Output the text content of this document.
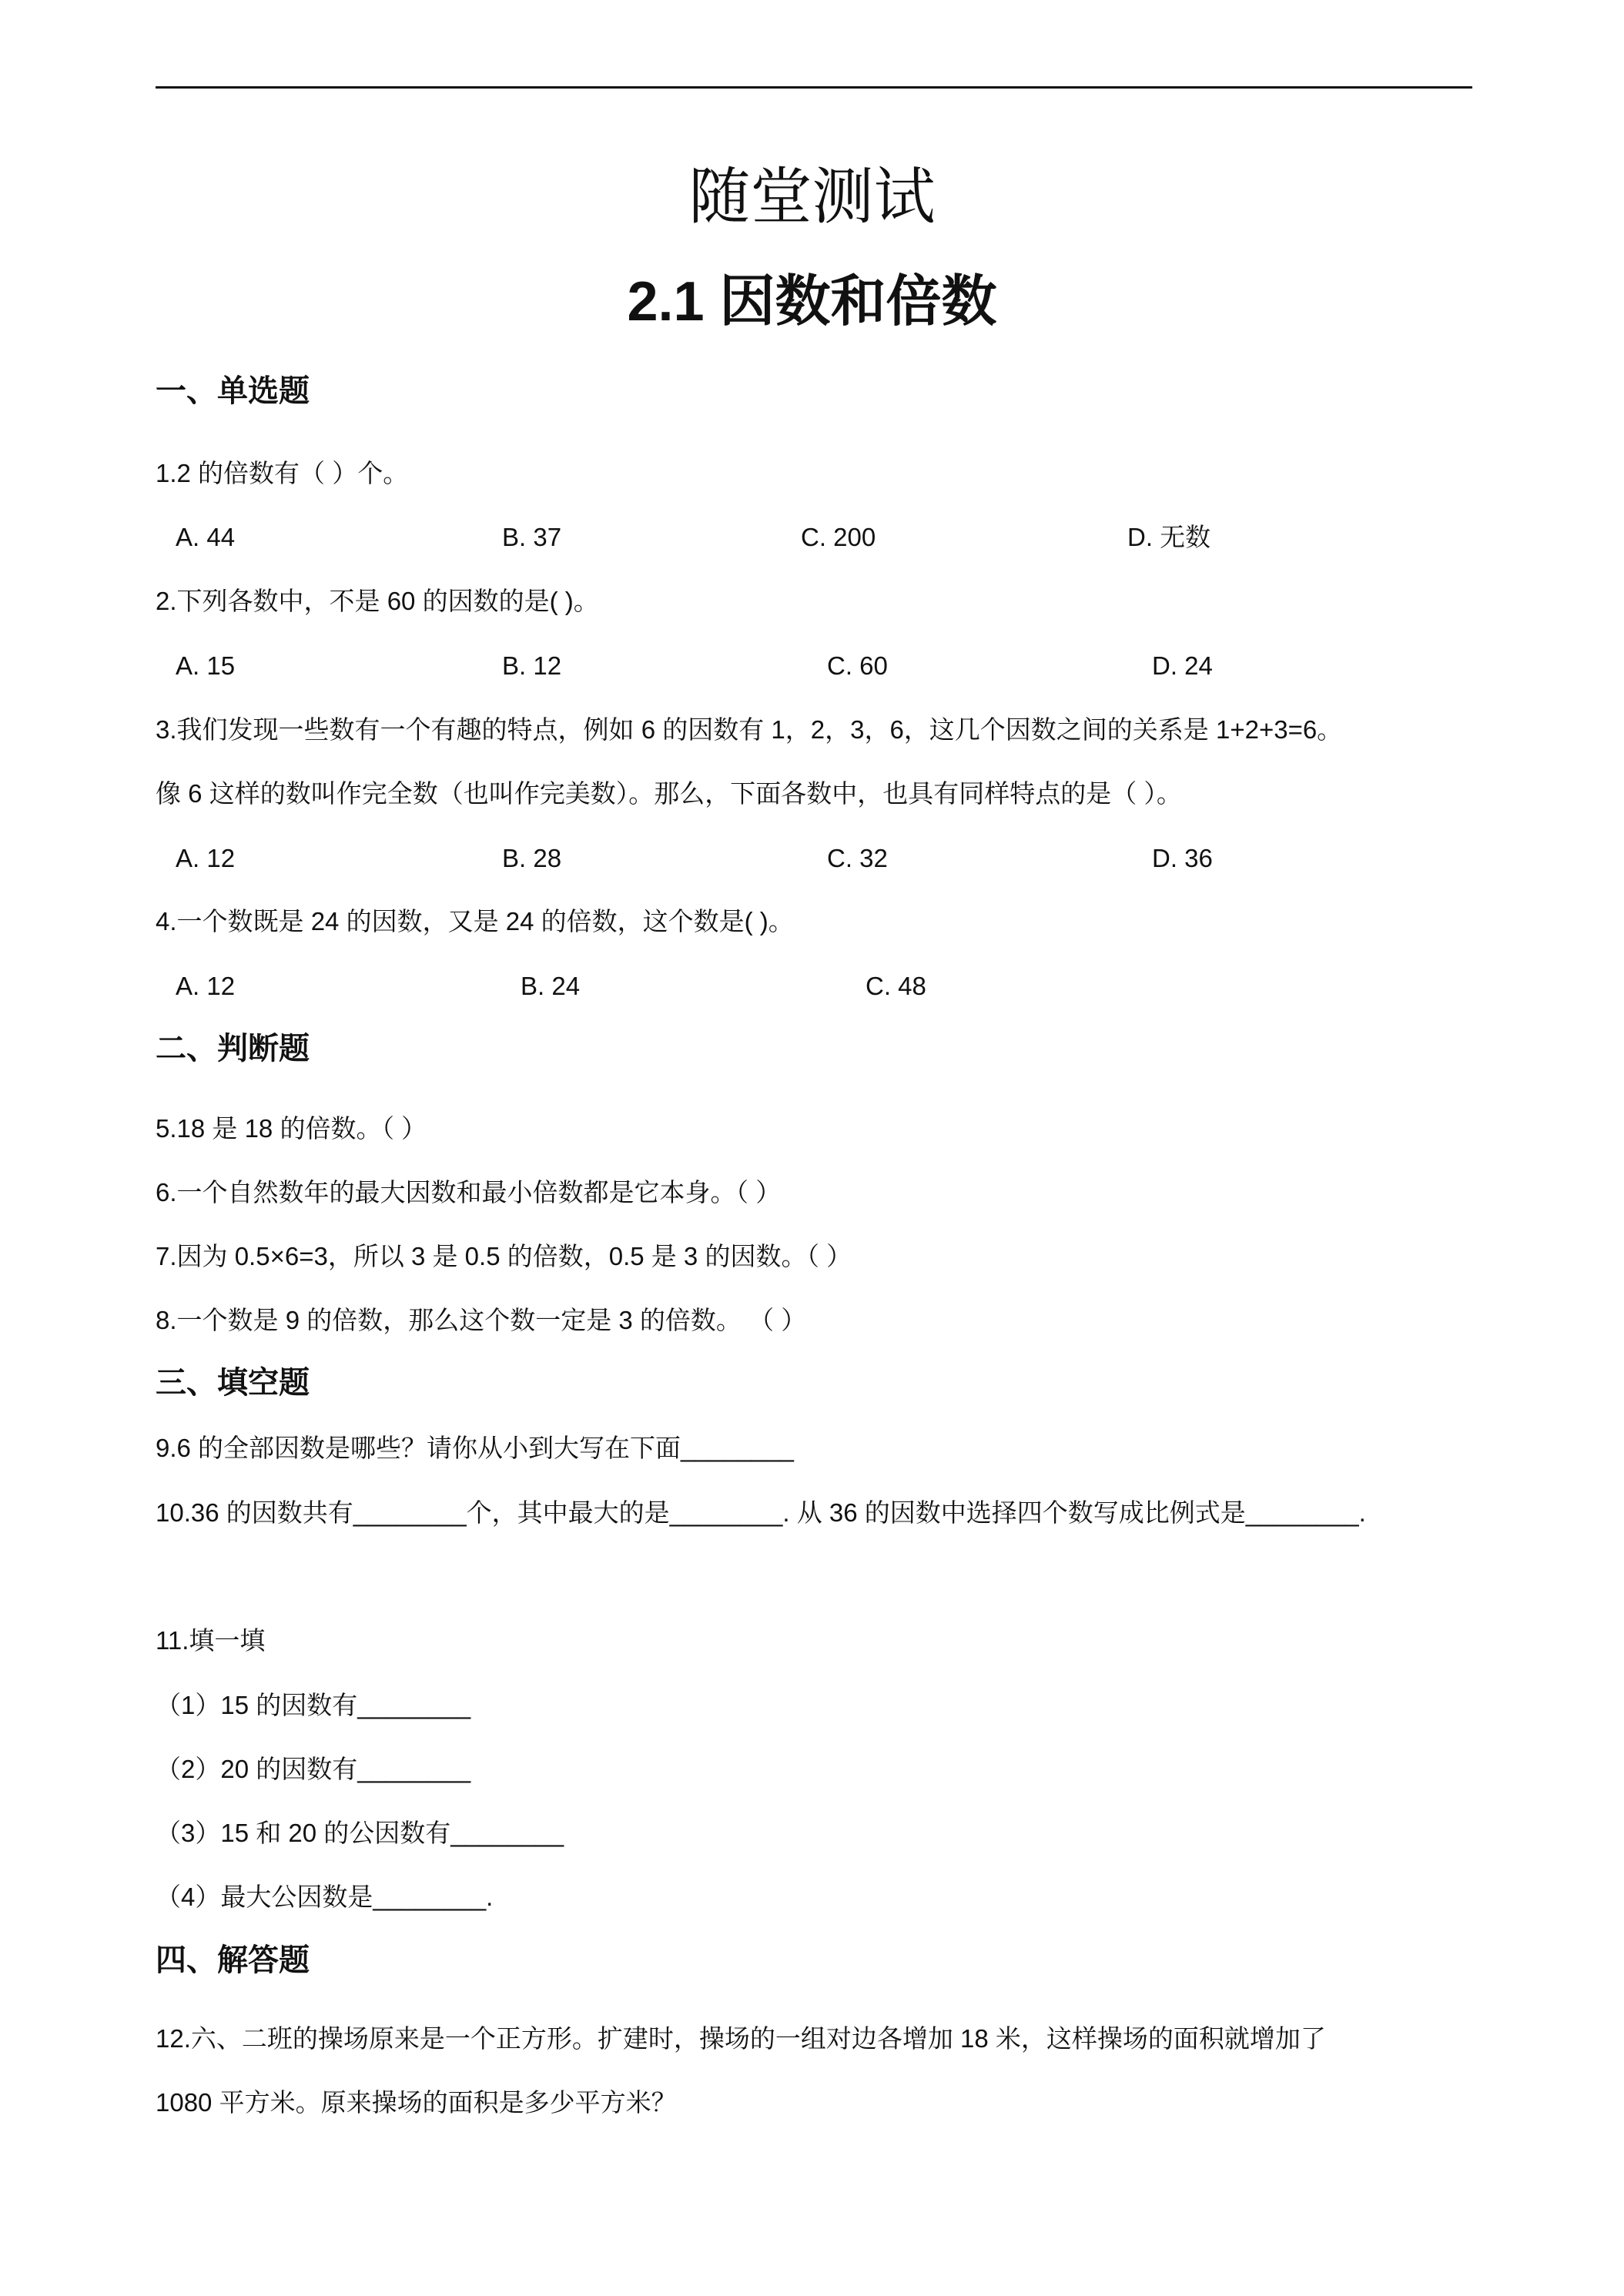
随堂测试
2.1 因数和倍数
一、单选题
1.2 的倍数有（ ）个。
A. 44	B. 37	C. 200	D. 无数
2.下列各数中，不是 60 的因数的是( )。
A. 15	B. 12	C. 60	D. 24
3.我们发现一些数有一个有趣的特点，例如 6 的因数有 1，2，3，6，这几个因数之间的关系是 1+2+3=6。
像 6 这样的数叫作完全数（也叫作完美数）。那么，下面各数中，也具有同样特点的是（ ）。
A. 12	B. 28	C. 32	D. 36
4.一个数既是 24 的因数，又是 24 的倍数，这个数是( )。
A. 12	B. 24	C. 48
二、判断题
5.18 是 18 的倍数。（ ）
6.一个自然数年的最大因数和最小倍数都是它本身。（ ）
7.因为 0.5×6=3，所以 3 是 0.5 的倍数，0.5 是 3 的因数。（ ）
8.一个数是 9 的倍数，那么这个数一定是 3 的倍数。 （ ）
三、填空题
9.6 的全部因数是哪些？请你从小到大写在下面________
10.36 的因数共有________个，其中最大的是________. 从 36 的因数中选择四个数写成比例式是________.
11.填一填
（1）15 的因数有________
（2）20 的因数有________
（3）15 和 20 的公因数有________
（4）最大公因数是________.
四、解答题
12.六、二班的操场原来是一个正方形。扩建时，操场的一组对边各增加 18 米，这样操场的面积就增加了
1080 平方米。原来操场的面积是多少平方米？
